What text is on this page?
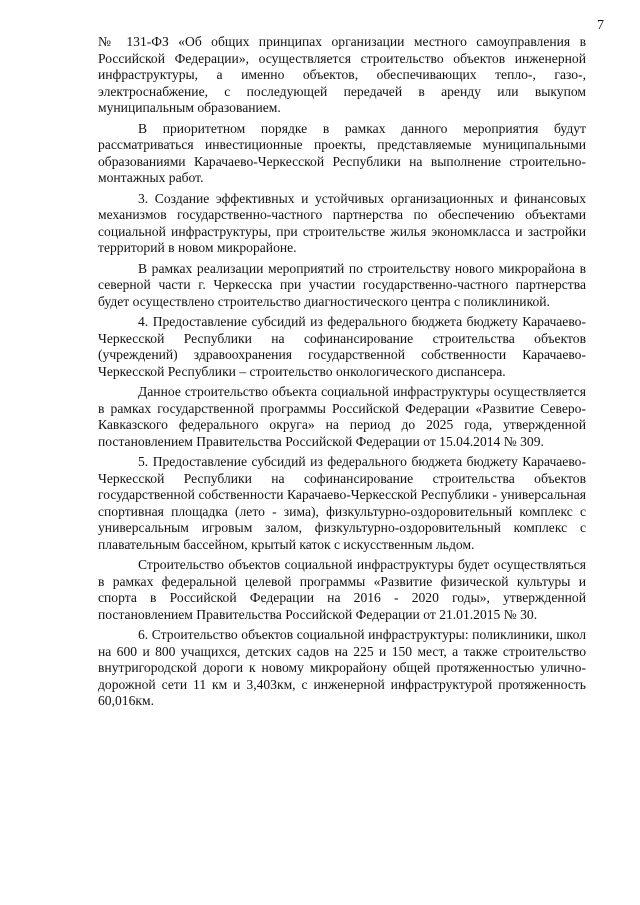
7

№ 131-ФЗ «Об общих принципах организации местного самоуправления в Российской Федерации», осуществляется строительство объектов инженерной инфраструктуры, а именно объектов, обеспечивающих тепло-, газо-, электроснабжение, с последующей передачей в аренду или выкупом муниципальным образованием.

В приоритетном порядке в рамках данного мероприятия будут рассматриваться инвестиционные проекты, представляемые муниципальными образованиями Карачаево-Черкесской Республики на выполнение строительно-монтажных работ.

3. Создание эффективных и устойчивых организационных и финансовых механизмов государственно-частного партнерства по обеспечению объектами социальной инфраструктуры, при строительстве жилья экономкласса и застройки территорий в новом микрорайоне.

В рамках реализации мероприятий по строительству нового микрорайона в северной части г. Черкесска при участии государственно-частного партнерства будет осуществлено строительство диагностического центра с поликлиникой.

4. Предоставление субсидий из федерального бюджета бюджету Карачаево-Черкесской Республики на софинансирование строительства объектов (учреждений) здравоохранения государственной собственности Карачаево-Черкесской Республики – строительство онкологического диспансера.

Данное строительство объекта социальной инфраструктуры осуществляется в рамках государственной программы Российской Федерации «Развитие Северо-Кавказского федерального округа» на период до 2025 года, утвержденной постановлением Правительства Российской Федерации от 15.04.2014 № 309.

5. Предоставление субсидий из федерального бюджета бюджету Карачаево-Черкесской Республики на софинансирование строительства объектов государственной собственности Карачаево-Черкесской Республики - универсальная спортивная площадка (лето - зима), физкультурно-оздоровительный комплекс с универсальным игровым залом, физкультурно-оздоровительный комплекс с плавательным бассейном, крытый каток с искусственным льдом.

Строительство объектов социальной инфраструктуры будет осуществляться в рамках федеральной целевой программы «Развитие физической культуры и спорта в Российской Федерации на 2016 - 2020 годы», утвержденной постановлением Правительства Российской Федерации от 21.01.2015 № 30.

6. Строительство объектов социальной инфраструктуры: поликлиники, школ на 600 и 800 учащихся, детских садов на 225 и 150 мест, а также строительство внутригородской дороги к новому микрорайону общей протяженностью улично-дорожной сети 11 км и 3,403км, с инженерной инфраструктурой протяженность 60,016км.
